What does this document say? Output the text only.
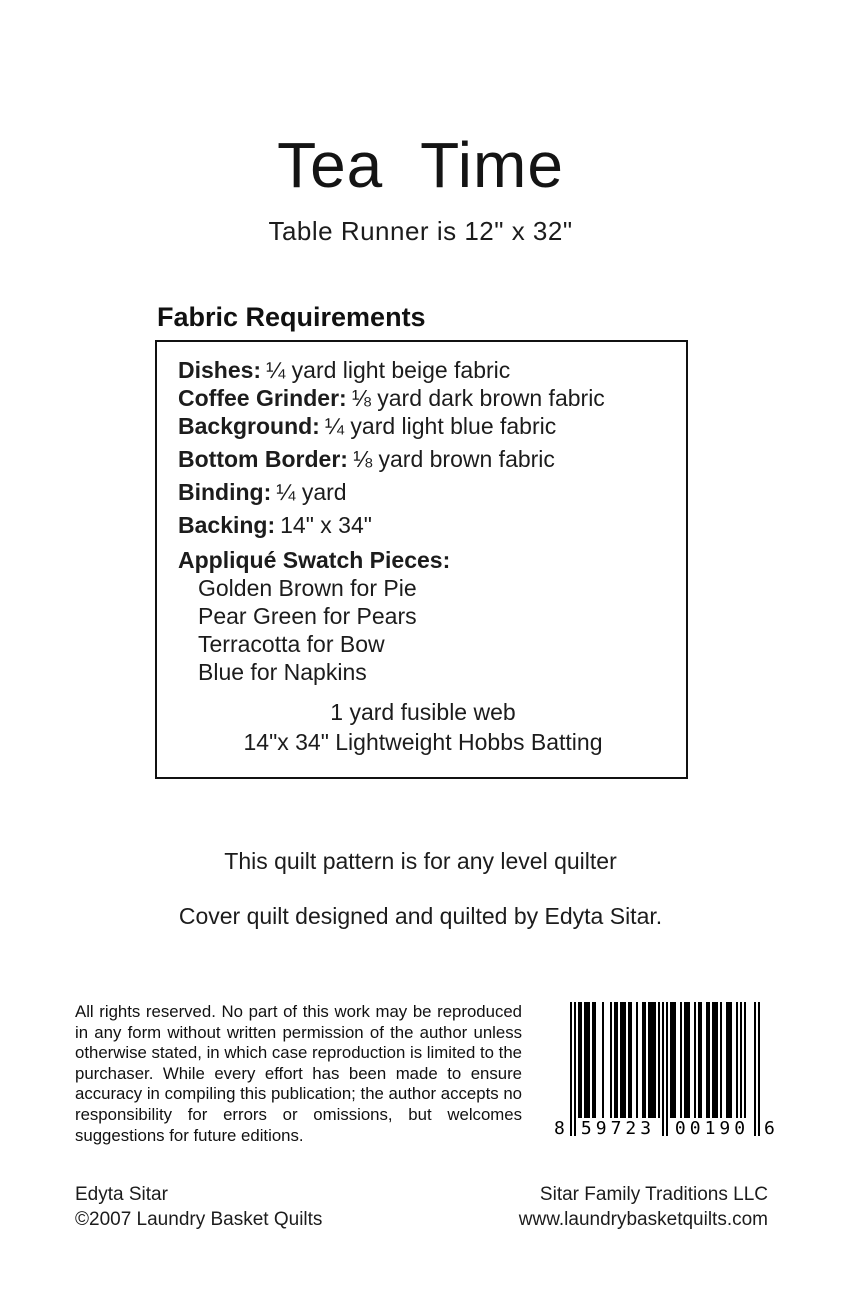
Tea Time

Table Runner is 12" x 32"

Fabric Requirements
Dishes: ¼ yard light beige fabric
Coffee Grinder: ⅛ yard dark brown fabric
Background: ¼ yard light blue fabric
Bottom Border: ⅛ yard brown fabric
Binding: ¼ yard
Backing: 14" x 34"
Appliqué Swatch Pieces:
Golden Brown for Pie
Pear Green for Pears
Terracotta for Bow
Blue for Napkins
1 yard fusible web
14"x 34" Lightweight Hobbs Batting
This quilt pattern is for any level quilter
Cover quilt designed and quilted by Edyta Sitar.
All rights reserved. No part of this work may be reproduced in any form without written permission of the author unless otherwise stated, in which case reproduction is limited to the purchaser. While every effort has been made to ensure accuracy in compiling this publication; the author accepts no responsibility for errors or omissions, but welcomes suggestions for future editions.	8 59723 00190 6
Edyta Sitar
©2007 Laundry Basket Quilts
Sitar Family Traditions LLC
www.laundrybasketquilts.com
